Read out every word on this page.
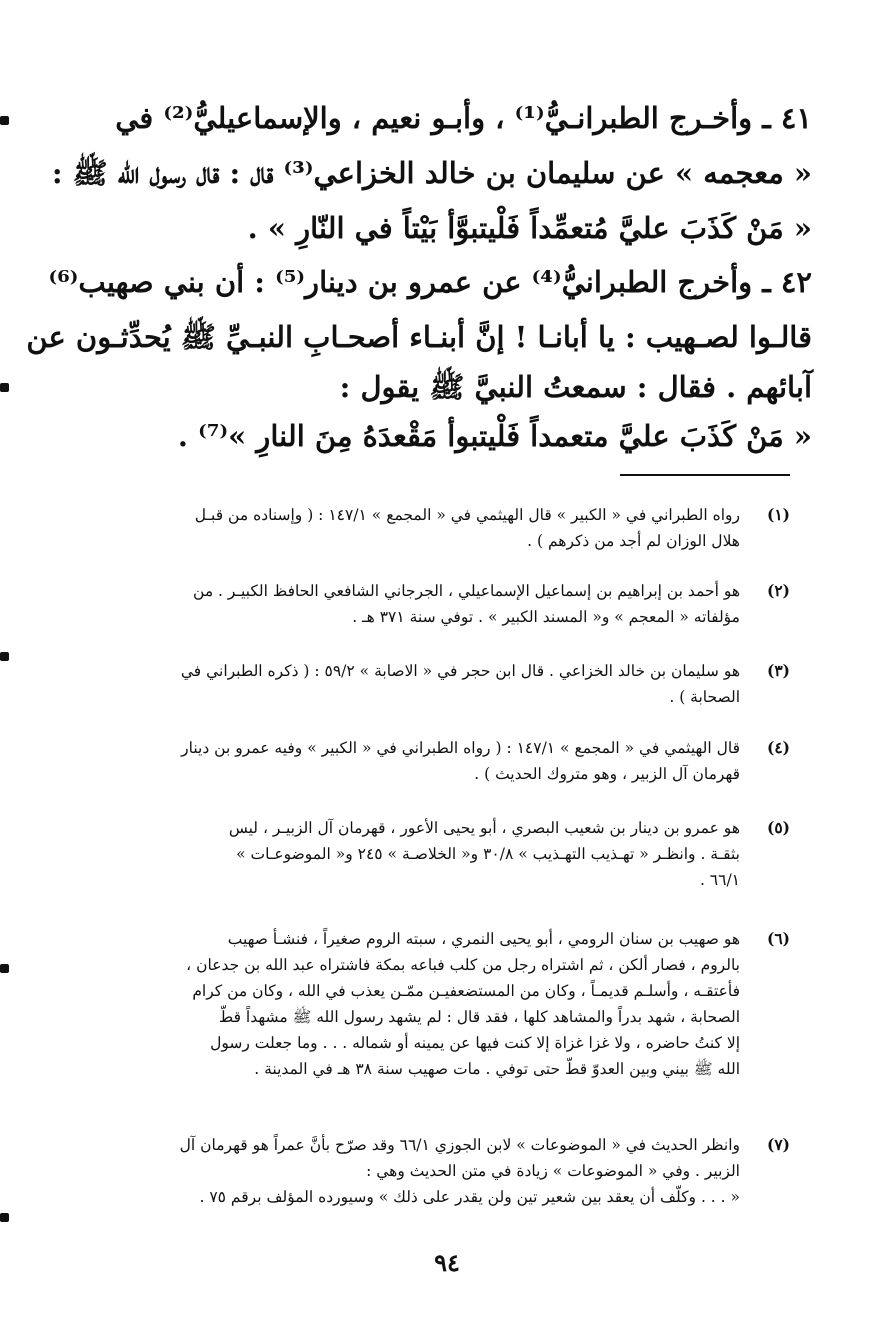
٤١ ـ وأخـرج الطبرانـيُّ⁽¹⁾ ، وأبـو نعيم ، والإسماعيليُّ⁽²⁾ في
« معجمه » عن سليمان بن خالد الخزاعي⁽³⁾ قال : قال رسول الله ﷺ :
« مَنْ كَذَبَ عليَّ مُتعمِّداً فَلْيتبوَّأ بَيْتاً في النّارِ » .
٤٢ ـ وأخرج الطبرانيُّ⁽⁴⁾ عن عمرو بن دينار⁽⁵⁾ : أن بني صهيب⁽⁶⁾
قالـوا لصـهيب : يا أبانـا ! إنَّ أبنـاء أصحـابِ النبـيِّ ﷺ يُحدِّثـون عن
آبائهم . فقال : سمعتُ النبيَّ ﷺ يقول :
« مَنْ كَذَبَ عليَّ متعمداً فَلْيتبوأ مَقْعدَهُ مِنَ النارِ »⁽⁷⁾ .
(١)
رواه الطبراني في « الكبير » قال الهيثمي في « المجمع » ١٤٧/١ : ( وإسناده من قبـل
هلال الوزان لم أجد من ذكرهم ) .
(٢)
هو أحمد بن إبراهيم بن إسماعيل الإسماعيلي ، الجرجاني الشافعي الحافظ الكبيـر . من
مؤلفاته « المعجم » و« المسند الكبير » . توفي سنة ٣٧١ هـ .
(٣)
هو سليمان بن خالد الخزاعي . قال ابن حجر في « الاصابة » ٥٩/٢ : ( ذكره الطبراني في
الصحابة ) .
(٤)
قال الهيثمي في « المجمع » ١٤٧/١ : ( رواه الطبراني في « الكبير » وفيه عمرو بن دينار
قهرمان آل الزبير ، وهو متروك الحديث ) .
(٥)
هو عمرو بن دينار بن شعيب البصري ، أبو يحيى الأعور ، قهرمان آل الزبيـر ، ليس
بثقـة . وانظـر « تهـذيب التهـذيب » ٣٠/٨ و« الخلاصـة » ٢٤٥ و« الموضوعـات »
٦٦/١ .
(٦)
هو صهيب بن سنان الرومي ، أبو يحيى النمري ، سبته الروم صغيراً ، فنشـأ صهيب
بالروم ، فصار ألكن ، ثم اشتراه رجل من كلب فباعه بمكة فاشتراه عبد الله بن جدعان ،
فأعتقـه ، وأسلـم قديمـاً ، وكان من المستضعفيـن ممّـن يعذب في الله ، وكان من كرام
الصحابة ، شهد بدراً والمشاهد كلها ، فقد قال : لم يشهد رسول الله ﷺ مشهداً قطّ
إلا كنتُ حاضره ، ولا غزا غزاة إلا كنت فيها عن يمينه أو شماله . . . وما جعلت رسول
الله ﷺ بيني وبين العدوّ قطّ حتى توفي . مات صهيب سنة ٣٨ هـ في المدينة .
(٧)
وانظر الحديث في « الموضوعات » لابن الجوزي ٦٦/١ وقد صرّح بأنَّ عمراً هو قهرمان آل
الزبير . وفي « الموضوعات » زيادة في متن الحديث وهي :
« . . . وكلّف أن يعقد بين شعير تين ولن يقدر على ذلك » وسيورده المؤلف برقم ٧٥ .
٩٤
